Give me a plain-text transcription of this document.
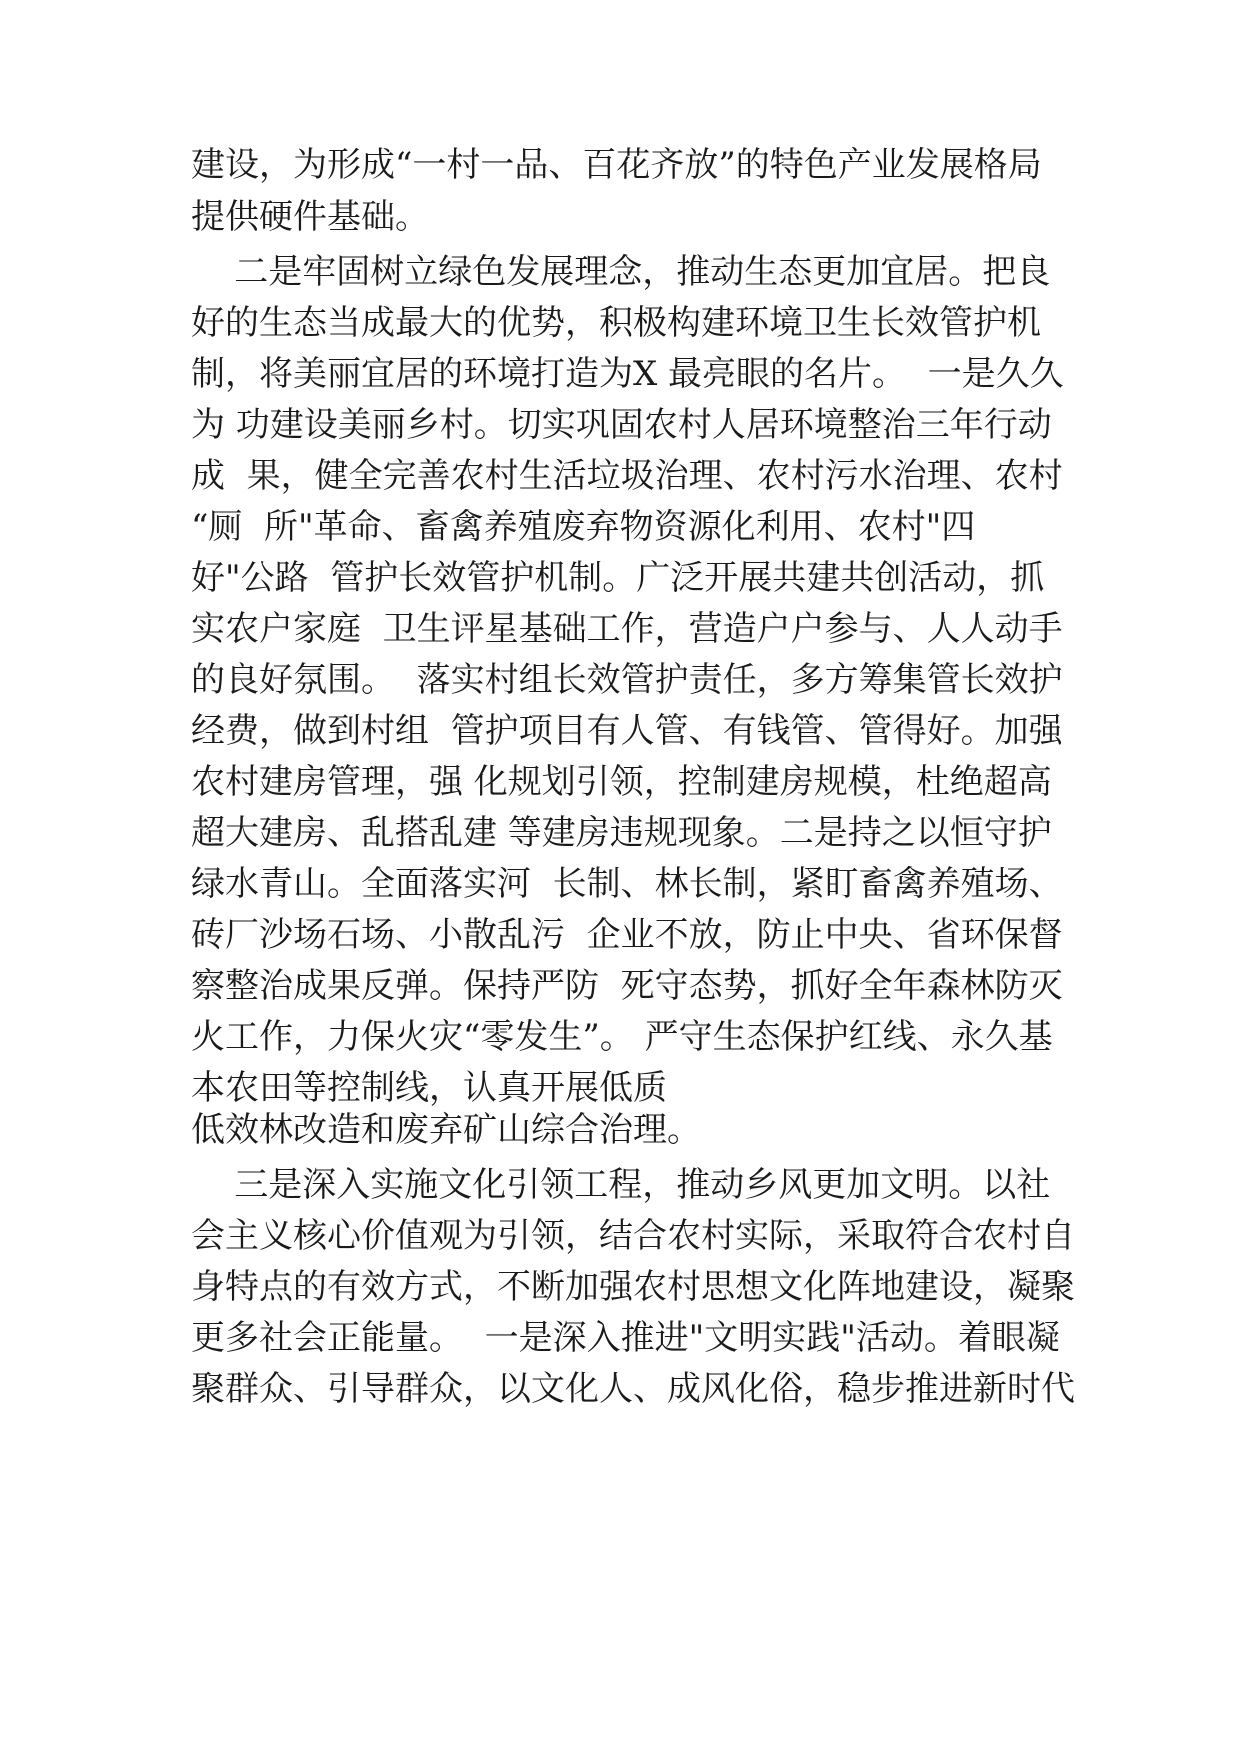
建设，为形成“一村一品、百花齐放”的特色产业发展格局
提供硬件基础。
二是牢固树立绿色发展理念，推动生态更加宜居。把良
好的生态当成最大的优势，积极构建环境卫生长效管护机
制，将美丽宜居的环境打造为X 最亮眼的名片。  一是久久
为 功建设美丽乡村。切实巩固农村人居环境整治三年行动
成  果，健全完善农村生活垃圾治理、农村污水治理、农村
“厕  所"革命、畜禽养殖废弃物资源化利用、农村"四
好"公路  管护长效管护机制。广泛开展共建共创活动，抓
实农户家庭  卫生评星基础工作，营造户户参与、人人动手
的良好氛围。  落实村组长效管护责任，多方筹集管长效护
经费，做到村组  管护项目有人管、有钱管、管得好。加强
农村建房管理，强 化规划引领，控制建房规模，杜绝超高
超大建房、乱搭乱建 等建房违规现象。二是持之以恒守护
绿水青山。全面落实河  长制、林长制，紧盯畜禽养殖场、
砖厂沙场石场、小散乱污  企业不放，防止中央、省环保督
察整治成果反弹。保持严防  死守态势，抓好全年森林防灭
火工作，力保火灾“零发生”。 严守生态保护红线、永久基
本农田等控制线，认真开展低质
低效林改造和废弃矿山综合治理。
三是深入实施文化引领工程，推动乡风更加文明。以社
会主义核心价值观为引领，结合农村实际，采取符合农村自
身特点的有效方式，不断加强农村思想文化阵地建设，凝聚
更多社会正能量。  一是深入推进"文明实践"活动。着眼凝
聚群众、引导群众，以文化人、成风化俗，稳步推进新时代
